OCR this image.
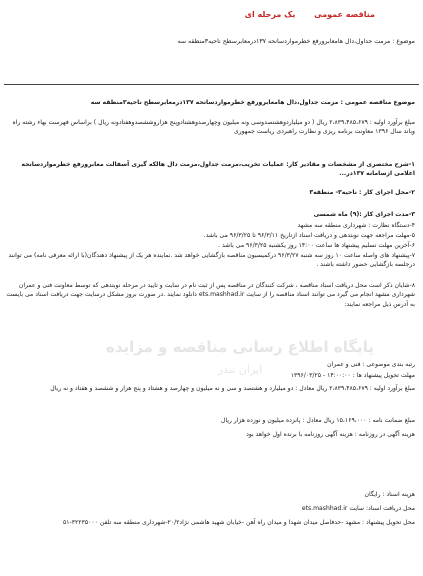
مناقصه عمومی یک مرحله ای
موضوع : مرمت جداول،دال هامعابرورفع خطرمواردسانحه ۱۳۷درمعابرسطح ناحیه۳منطقه سه
موضوع مناقصه عمومی : مرمت جداول،دال هامعابرورفع خطرمواردسانحه ۱۳۷درمعابرسطح ناحیه۳منطقه سه
مبلغ برآورد اولیه : ۲،۸۳۹،۴۸۵،۶۷۹ ریال ( دو میلیاردوهشتصدوسی ونه میلیون وچهارصدوهشتادوپنج هزاروششصدوهفتادونه ریال ) براساس فهرست بهاء رشته راه وباند سال ۱۳۹۶ معاونت برنامه ریزی و نظارت راهبردی ریاست جمهوری
۱-شرح مختصری از مشخصات و مقادیر کار: عملیات تخریب،مرمت جداول،مرمت دال هالکه گیری آسفالت معابرورفع خطرمواردسانحه اعلامی ازسامانه ۱۳۷در...
۲-محل اجرای کار : ناحیه۳- منطقه۳
۳-مدت اجرای کار :(۹) ماه شمسی
۴-دستگاه نظارت : شهرداری منطقه سه مشهد
۵-مهلت مراجعه جهت نوبتدهی و دریافت اسناد ازتاریخ ۹۶/۳/۱۱ تا ۹۶/۳/۲۵ می باشد.
۶-آخرین مهلت تسلیم پیشنهاد ها ساعت ۱۴:۰۰ روز یکشنبه ۹۶/۳/۲۵ می باشد .
۷-پیشنهاد های واصله ساعت ۱۰ روز سه شنبه ۹۶/۳/۲۷ درکمیسیون مناقصه بازگشایی خواهد شد .نماینده هر یک از پیشنهاد دهندگان(با ارائه معرفی نامه) می توانند درجلسه بازگشایی حضور داشته باشند .
۸-شایان ذکر است محل دریافت اسناد مناقصه ، شرکت کنندگان در مناقصه پس از ثبت نام در سایت و تایید در مرحله نوبتدهی که توسط معاونت فنی و عمران شهرداری مشهد انجام می گیرد می توانند اسناد مناقصه را از سایت ets.mashhad.ir دانلود نمایند .در صورت بروز مشکل درسایت جهت دریافت اسناد می بایست به آدرس ذیل مراجعه نمایند:
پایگاه اطلاع رسانی مناقصه و مزایده
ایران تندر	رتبه بندی موضوعی : فنی و عمران
مهلت تحویل پیشنهاد ها : ۱۴:۰۰:۰۰ - ۱۳۹۶/۰۳/۲۵
مبلغ برآورد اولیه : ۲،۸۳۹،۴۸۵،۶۷۹ ریال معادل : دو میلیارد و هشتصد و سی و نه میلیون و چهارصد و هشتاد و پنج هزار و ششصد و هفتاد و نه ریال
مبلغ ضمانت نامه : ۱۵،۱۶۹،۰۰۰ ریال معادل : پانزده میلیون و نوزده هزار ریال
هزینه آگهی در روزنامه : هزینه آگهی روزنامه با برنده اول خواهد بود
هزینه اسناد : رایگان
محل دریافت اسناد: سایت ets.mashhad.ir
محل تحویل پیشنهاد : مشهد -حدفاصل میدان شهدا و میدان راه آهن -خیابان شهید هاشمی نژاد۲۰/۲-شهرداری منطقه سه تلفن ۳۲۲۳۵۰۰۰-۵۱
